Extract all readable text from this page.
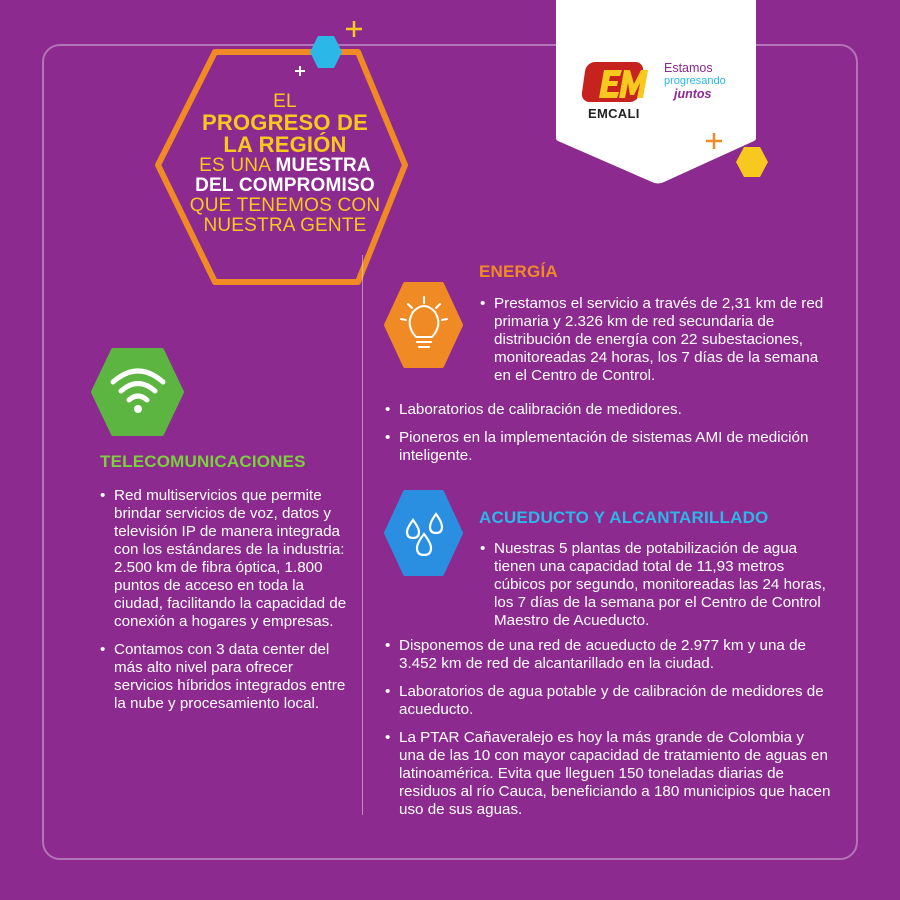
EL
PROGRESO DE
LA REGIÓN
ES UNA MUESTRA
DEL COMPROMISO
QUE TENEMOS CON
NUESTRA GENTE
EMCALI
Estamos
progresando
juntos
TELECOMUNICACIONES
• Red multiservicios que permite brindar servicios de voz, datos y televisión IP de manera integrada con los estándares de la industria: 2.500 km de fibra óptica, 1.800 puntos de acceso en toda la ciudad, facilitando la capacidad de conexión a hogares y empresas.
• Contamos con 3 data center del más alto nivel para ofrecer servicios híbridos integrados entre la nube y procesamiento local.
ENERGÍA
• Prestamos el servicio a través de 2,31 km de red primaria y 2.326 km de red secundaria de distribución de energía con 22 subestaciones, monitoreadas 24 horas, los 7 días de la semana en el Centro de Control.
• Laboratorios de calibración de medidores.
• Pioneros en la implementación de sistemas AMI de medición inteligente.
ACUEDUCTO Y ALCANTARILLADO
• Nuestras 5 plantas de potabilización de agua tienen una capacidad total de 11,93 metros cúbicos por segundo, monitoreadas las 24 horas, los 7 días de la semana por el Centro de Control Maestro de Acueducto.
• Disponemos de una red de acueducto de 2.977 km y una de 3.452 km de red de alcantarillado en la ciudad.
• Laboratorios de agua potable y de calibración de medidores de acueducto.
• La PTAR Cañaveralejo es hoy la más grande de Colombia y una de las 10 con mayor capacidad de tratamiento de aguas en latinoamérica. Evita que lleguen 150 toneladas diarias de residuos al río Cauca, beneficiando a 180 municipios que hacen uso de sus aguas.
